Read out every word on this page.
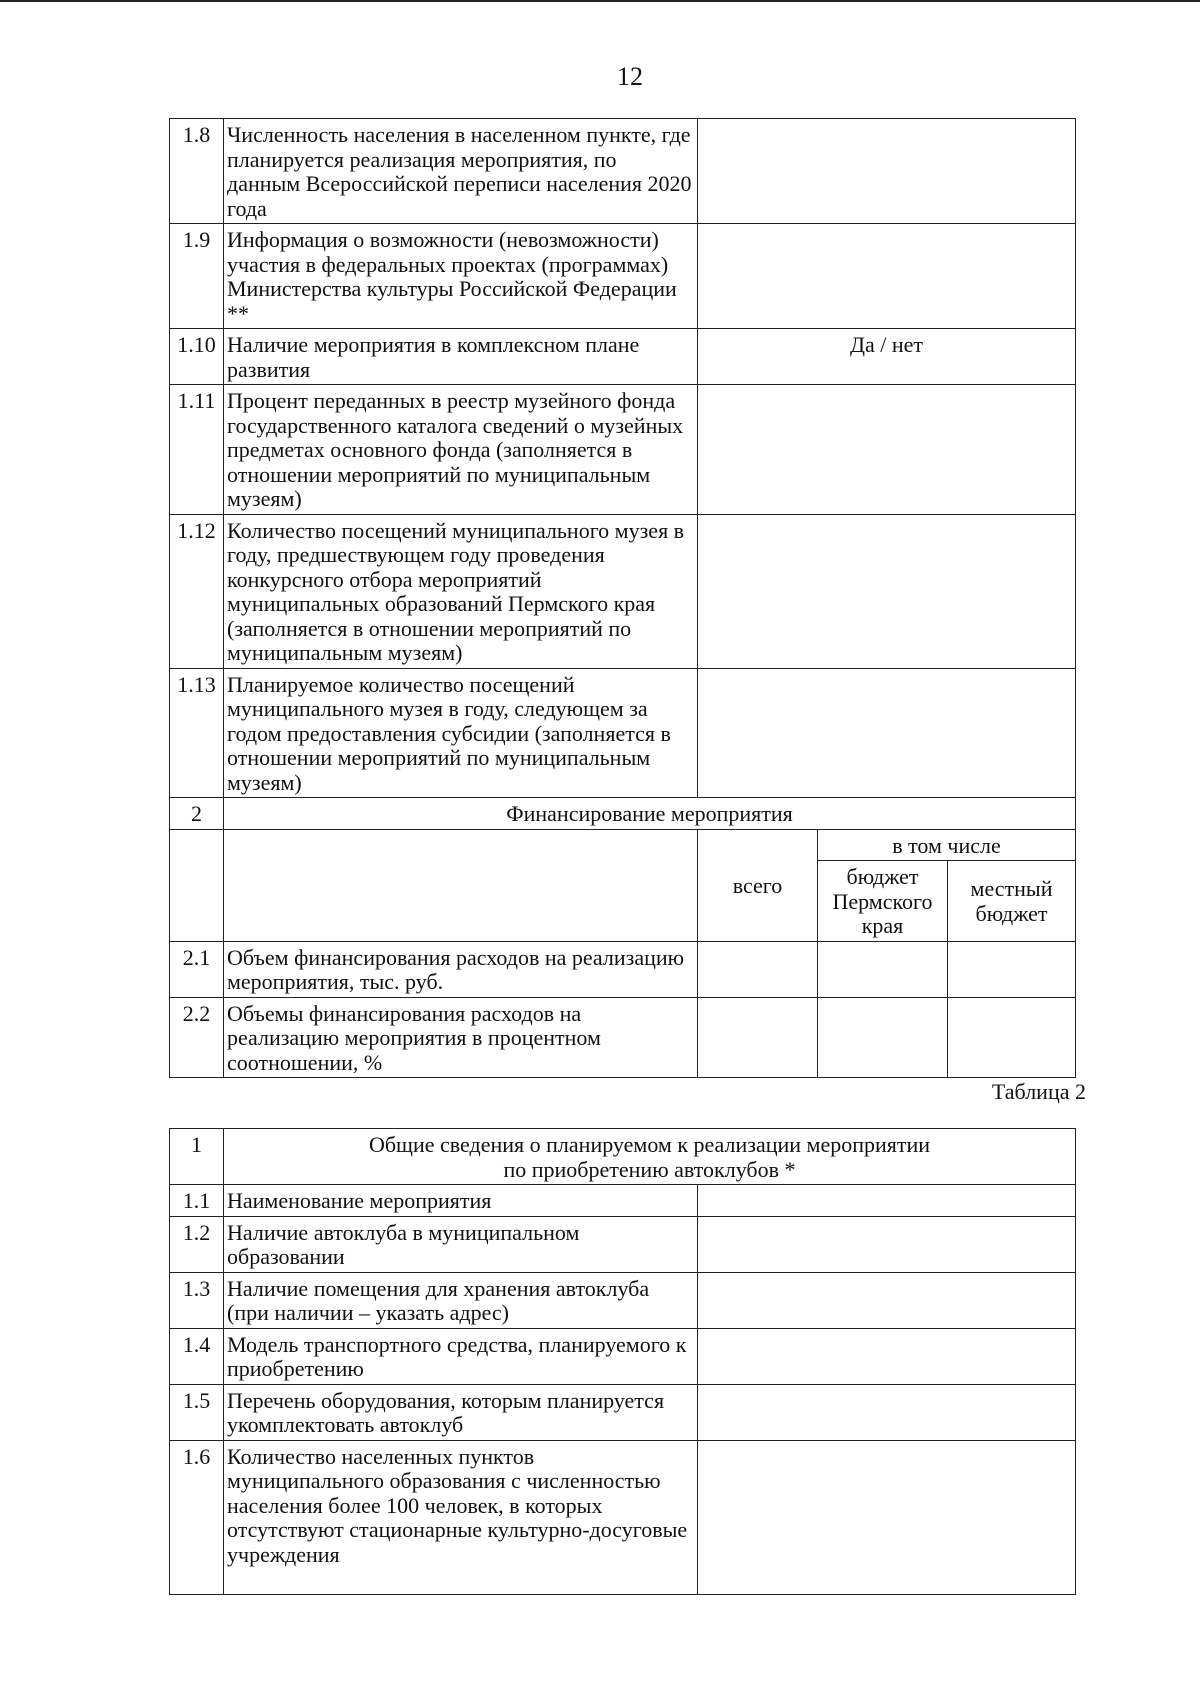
12
1.8	Численность населения в населенном пункте, где планируется реализация мероприятия, по данным Всероссийской переписи населения 2020 года			
1.9	Информация о возможности (невозможности) участия в федеральных проектах (программах) Министерства культуры Российской Федерации **			
1.10	Наличие мероприятия в комплексном плане развития	Да / нет		
1.11	Процент переданных в реестр музейного фонда государственного каталога сведений о музейных предметах основного фонда (заполняется в отношении мероприятий по муниципальным музеям)			
1.12	Количество посещений муниципального музея в году, предшествующем году проведения конкурсного отбора мероприятий муниципальных образований Пермского края (заполняется в отношении мероприятий по муниципальным музеям)			
1.13	Планируемое количество посещений муниципального музея в году, следующем за годом предоставления субсидии (заполняется в отношении мероприятий по муниципальным музеям)			
2	Финансирование мероприятия			
		всего	в том числе	
			бюджет Пермского края	местный бюджет
2.1	Объем финансирования расходов на реализацию мероприятия, тыс. руб.			
2.2	Объемы финансирования расходов на реализацию мероприятия в процентном соотношении, %			
Таблица 2
1	Общие сведения о планируемом к реализации мероприятии
по приобретению автоклубов *	

1.1	Наименование мероприятия	
1.2	Наличие автоклуба в муниципальном образовании	
1.3	Наличие помещения для хранения автоклуба (при наличии – указать адрес)	
1.4	Модель транспортного средства, планируемого к приобретению	
1.5	Перечень оборудования, которым планируется укомплектовать автоклуб	
1.6	Количество населенных пунктов муниципального образования с численностью населения более 100 человек, в которых отсутствуют стационарные культурно-досуговые учреждения	
